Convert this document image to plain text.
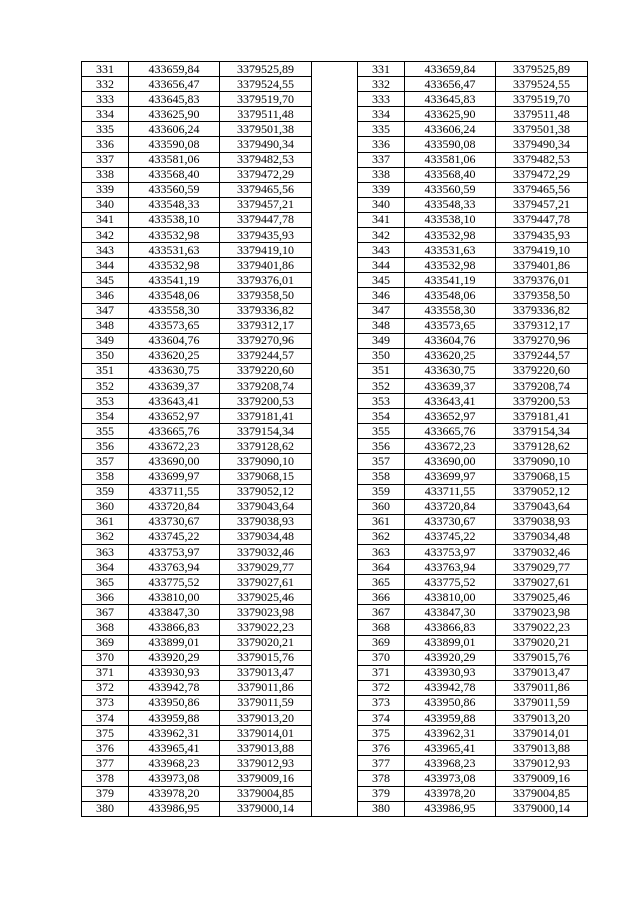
331	433659,84	3379525,89		331	433659,84	3379525,89
332	433656,47	3379524,55		332	433656,47	3379524,55
333	433645,83	3379519,70		333	433645,83	3379519,70
334	433625,90	3379511,48		334	433625,90	3379511,48
335	433606,24	3379501,38		335	433606,24	3379501,38
336	433590,08	3379490,34		336	433590,08	3379490,34
337	433581,06	3379482,53		337	433581,06	3379482,53
338	433568,40	3379472,29		338	433568,40	3379472,29
339	433560,59	3379465,56		339	433560,59	3379465,56
340	433548,33	3379457,21		340	433548,33	3379457,21
341	433538,10	3379447,78		341	433538,10	3379447,78
342	433532,98	3379435,93		342	433532,98	3379435,93
343	433531,63	3379419,10		343	433531,63	3379419,10
344	433532,98	3379401,86		344	433532,98	3379401,86
345	433541,19	3379376,01		345	433541,19	3379376,01
346	433548,06	3379358,50		346	433548,06	3379358,50
347	433558,30	3379336,82		347	433558,30	3379336,82
348	433573,65	3379312,17		348	433573,65	3379312,17
349	433604,76	3379270,96		349	433604,76	3379270,96
350	433620,25	3379244,57		350	433620,25	3379244,57
351	433630,75	3379220,60		351	433630,75	3379220,60
352	433639,37	3379208,74		352	433639,37	3379208,74
353	433643,41	3379200,53		353	433643,41	3379200,53
354	433652,97	3379181,41		354	433652,97	3379181,41
355	433665,76	3379154,34		355	433665,76	3379154,34
356	433672,23	3379128,62		356	433672,23	3379128,62
357	433690,00	3379090,10		357	433690,00	3379090,10
358	433699,97	3379068,15		358	433699,97	3379068,15
359	433711,55	3379052,12		359	433711,55	3379052,12
360	433720,84	3379043,64		360	433720,84	3379043,64
361	433730,67	3379038,93		361	433730,67	3379038,93
362	433745,22	3379034,48		362	433745,22	3379034,48
363	433753,97	3379032,46		363	433753,97	3379032,46
364	433763,94	3379029,77		364	433763,94	3379029,77
365	433775,52	3379027,61		365	433775,52	3379027,61
366	433810,00	3379025,46		366	433810,00	3379025,46
367	433847,30	3379023,98		367	433847,30	3379023,98
368	433866,83	3379022,23		368	433866,83	3379022,23
369	433899,01	3379020,21		369	433899,01	3379020,21
370	433920,29	3379015,76		370	433920,29	3379015,76
371	433930,93	3379013,47		371	433930,93	3379013,47
372	433942,78	3379011,86		372	433942,78	3379011,86
373	433950,86	3379011,59		373	433950,86	3379011,59
374	433959,88	3379013,20		374	433959,88	3379013,20
375	433962,31	3379014,01		375	433962,31	3379014,01
376	433965,41	3379013,88		376	433965,41	3379013,88
377	433968,23	3379012,93		377	433968,23	3379012,93
378	433973,08	3379009,16		378	433973,08	3379009,16
379	433978,20	3379004,85		379	433978,20	3379004,85
380	433986,95	3379000,14		380	433986,95	3379000,14
